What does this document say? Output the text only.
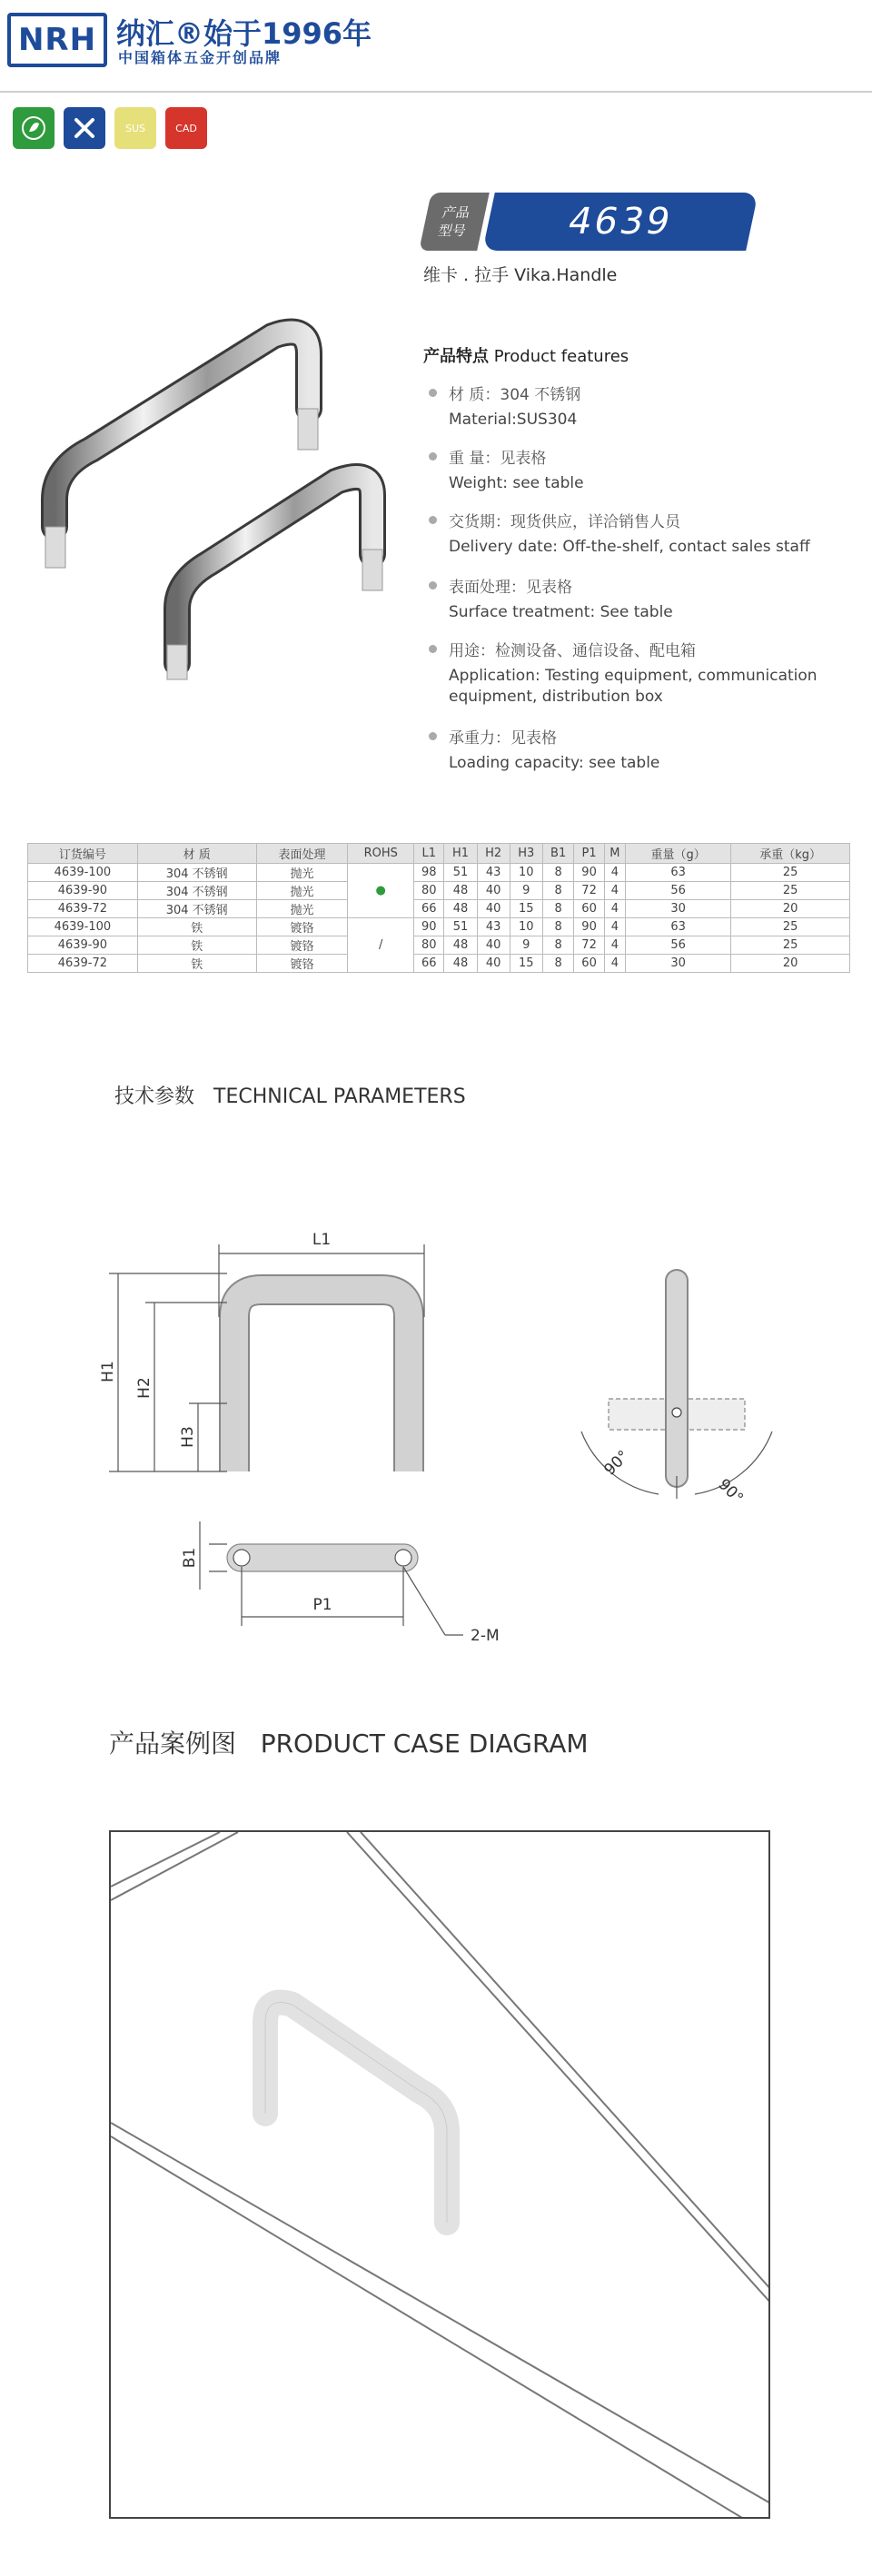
NRH 纳汇®始于1996年
中国箱体五金开创品牌
SUS	CAD
产品
型号	4639
维卡 . 拉手 Vika.Handle
产品特点 Product features
材 质：304 不锈钢
Material:SUS304
重 量：见表格
Weight: see table
交货期：现货供应，详洽销售人员
Delivery date: Off-the-shelf, contact sales staff
表面处理：见表格
Surface treatment: See table
用途：检测设备、通信设备、配电箱
Application: Testing equipment, communication equipment, distribution box
承重力：见表格
Loading capacity: see table
订货编号	材 质	表面处理	ROHS	L1	H1	H2	H3	B1	P1	M	重量（g）	承重（kg）
4639-100	304 不锈钢	抛光	●	98	51	43	10	8	90	4	63	25
4639-90	304 不锈钢	抛光		80	48	40	9	8	72	4	56	25
4639-72	304 不锈钢	抛光		66	48	40	15	8	60	4	30	20
4639-100	铁	镀铬	/	90	51	43	10	8	90	4	63	25
4639-90	铁	镀铬		80	48	40	9	8	72	4	56	25
4639-72	铁	镀铬		66	48	40	15	8	60	4	30	20
技术参数 TECHNICAL PARAMETERS
L1
H1
H2
H3
B1
P1
2-M
90°
90°
产品案例图 PRODUCT CASE DIAGRAM
